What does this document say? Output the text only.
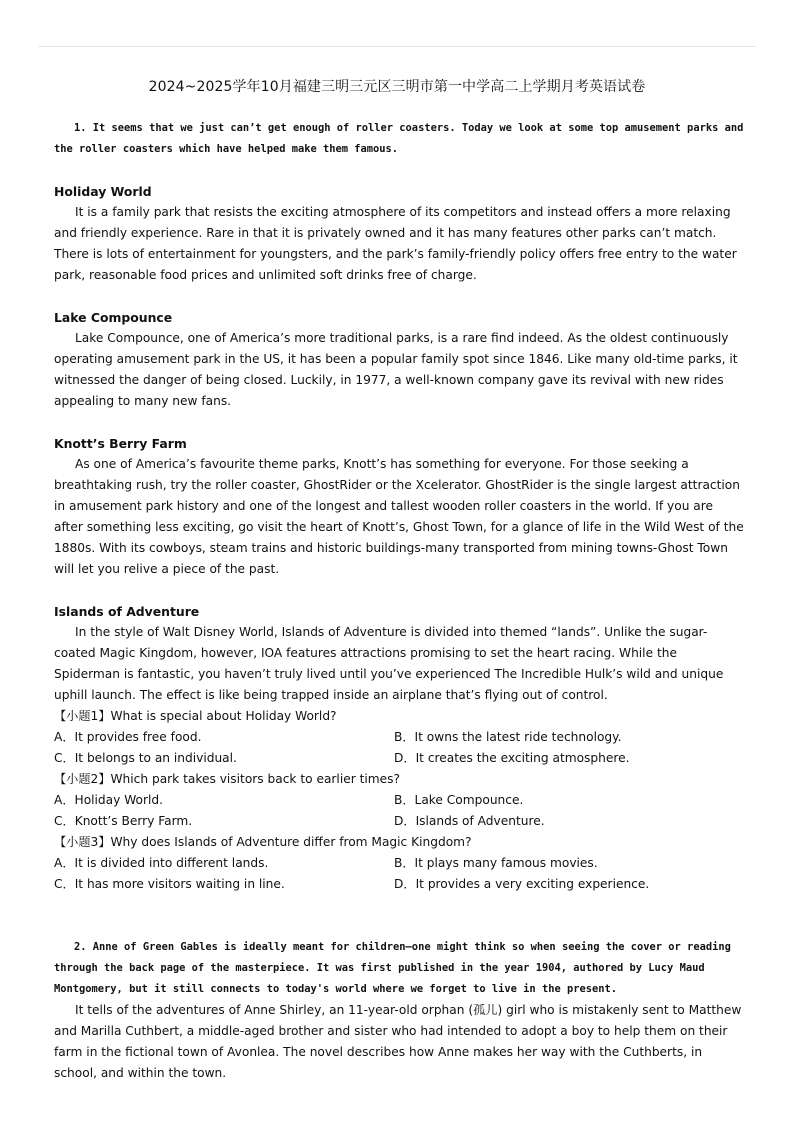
2024~2025学年10月福建三明三元区三明市第一中学高二上学期月考英语试卷

1. It seems that we just can’t get enough of roller coasters. Today we look at some top amusement parks and the roller coasters which have helped make them famous.

Holiday World

It is a family park that resists the exciting atmosphere of its competitors and instead offers a more relaxing and friendly experience. Rare in that it is privately owned and it has many features other parks can’t match. There is lots of entertainment for youngsters, and the park’s family-friendly policy offers free entry to the water park, reasonable food prices and unlimited soft drinks free of charge.

Lake Compounce

Lake Compounce, one of America’s more traditional parks, is a rare find indeed. As the oldest continuously operating amusement park in the US, it has been a popular family spot since 1846. Like many old-time parks, it witnessed the danger of being closed. Luckily, in 1977, a well-known company gave its revival with new rides appealing to many new fans.

Knott’s Berry Farm

As one of America’s favourite theme parks, Knott’s has something for everyone. For those seeking a breathtaking rush, try the roller coaster, GhostRider or the Xcelerator. GhostRider is the single largest attraction in amusement park history and one of the longest and tallest wooden roller coasters in the world. If you are after something less exciting, go visit the heart of Knott’s, Ghost Town, for a glance of life in the Wild West of the 1880s. With its cowboys, steam trains and historic buildings-many transported from mining towns-Ghost Town will let you relive a piece of the past.

Islands of Adventure

In the style of Walt Disney World, Islands of Adventure is divided into themed “lands”. Unlike the sugar-coated Magic Kingdom, however, IOA features attractions promising to set the heart racing. While the Spiderman is fantastic, you haven’t truly lived until you’ve experienced The Incredible Hulk’s wild and unique uphill launch. The effect is like being trapped inside an airplane that’s flying out of control.

【小题1】What is special about Holiday World?

A．It provides free food.	B．It owns the latest ride technology.
C．It belongs to an individual.	D．It creates the exciting atmosphere.

【小题2】Which park takes visitors back to earlier times?

A．Holiday World.	B．Lake Compounce.
C．Knott’s Berry Farm.	D．Islands of Adventure.

【小题3】Why does Islands of Adventure differ from Magic Kingdom?

A．It is divided into different lands.	B．It plays many famous movies.
C．It has more visitors waiting in line.	D．It provides a very exciting experience.

2. Anne of Green Gables is ideally meant for children—one might think so when seeing the cover or reading through the back page of the masterpiece. It was first published in the year 1904, authored by Lucy Maud Montgomery, but it still connects to today's world where we forget to live in the present.

It tells of the adventures of Anne Shirley, an 11-year-old orphan (孤儿) girl who is mistakenly sent to Matthew and Marilla Cuthbert, a middle-aged brother and sister who had intended to adopt a boy to help them on their farm in the fictional town of Avonlea. The novel describes how Anne makes her way with the Cuthberts, in school, and within the town.
